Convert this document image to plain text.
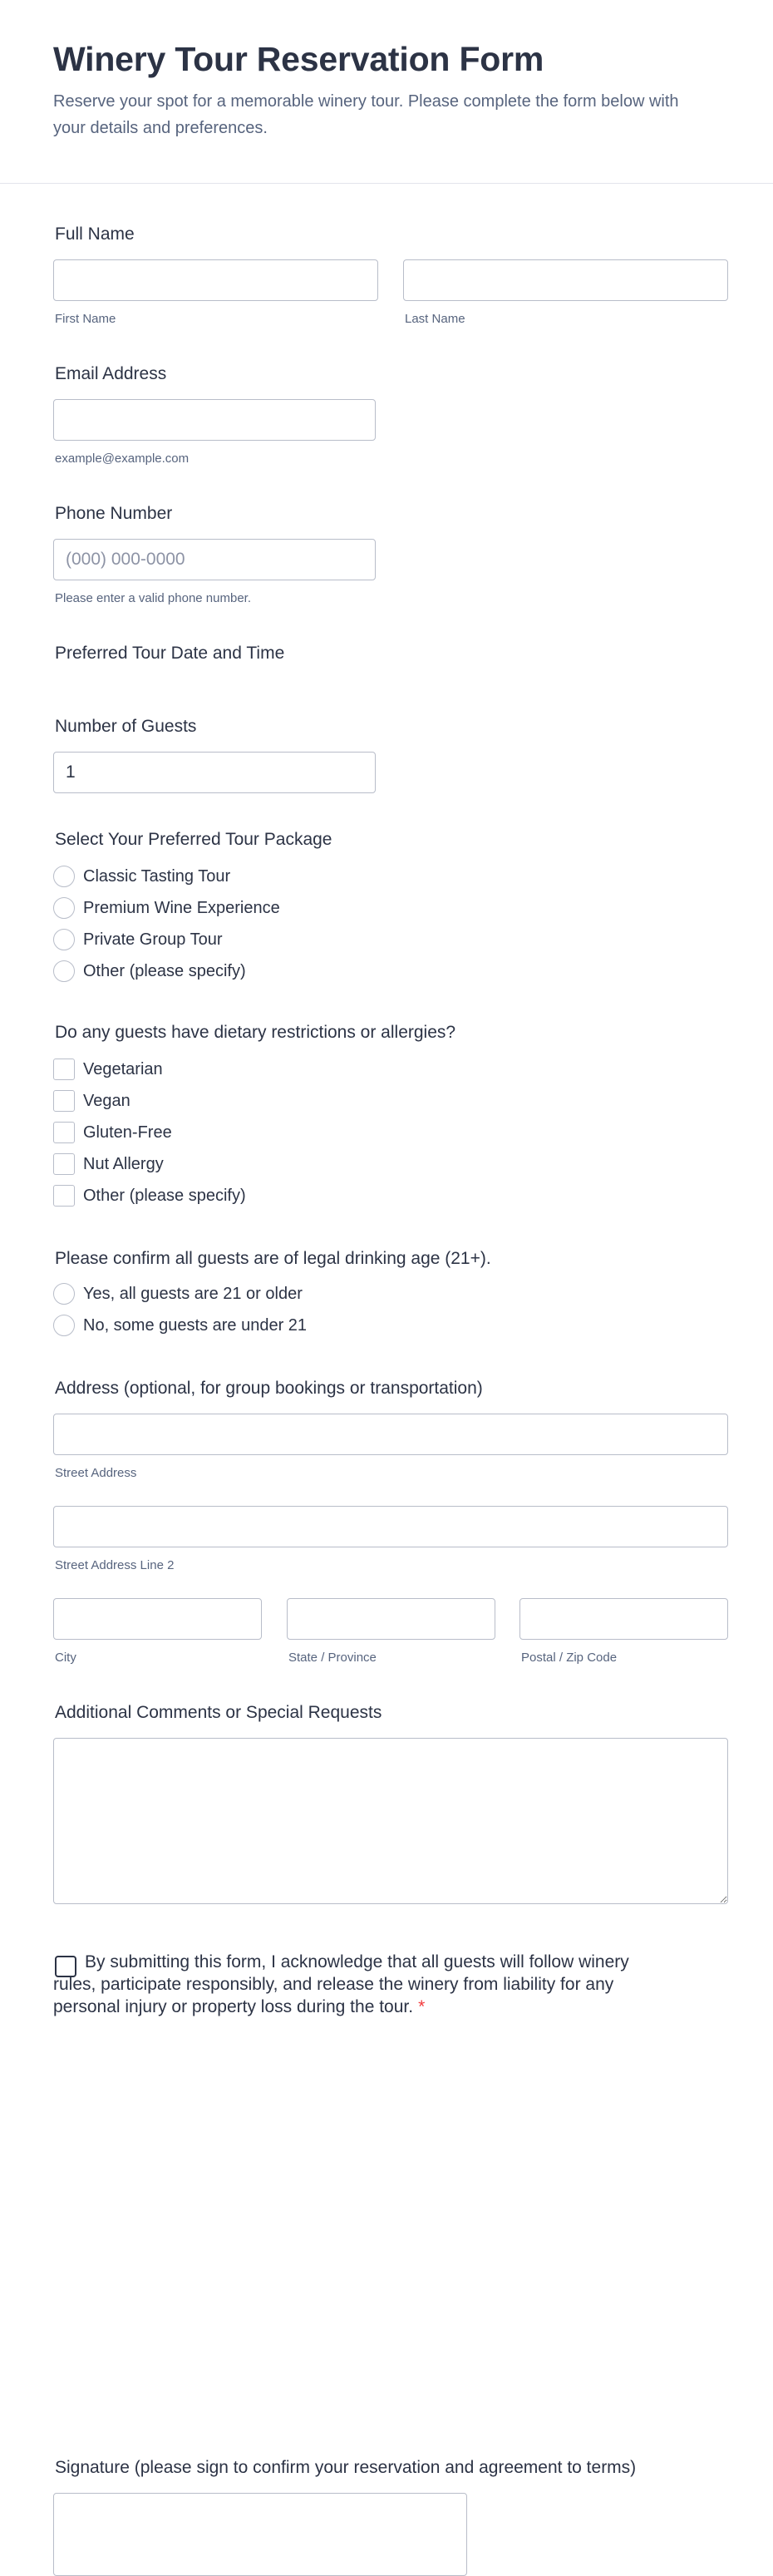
Winery Tour Reservation Form

Reserve your spot for a memorable winery tour. Please complete the form below with your details and preferences.

Full Name
First Name	Last Name
Email Address
example@example.com
Phone Number
(000) 000-0000
Please enter a valid phone number.
Preferred Tour Date and Time
Number of Guests
1
Select Your Preferred Tour Package
Classic Tasting Tour
Premium Wine Experience
Private Group Tour
Other (please specify)
Do any guests have dietary restrictions or allergies?
Vegetarian
Vegan
Gluten-Free
Nut Allergy
Other (please specify)
Please confirm all guests are of legal drinking age (21+).
Yes, all guests are 21 or older
No, some guests are under 21
Address (optional, for group bookings or transportation)
Street Address
Street Address Line 2
City	State / Province	Postal / Zip Code
Additional Comments or Special Requests

By submitting this form, I acknowledge that all guests will follow winery rules, participate responsibly, and release the winery from liability for any personal injury or property loss during the tour. *

Signature (please sign to confirm your reservation and agreement to terms)
